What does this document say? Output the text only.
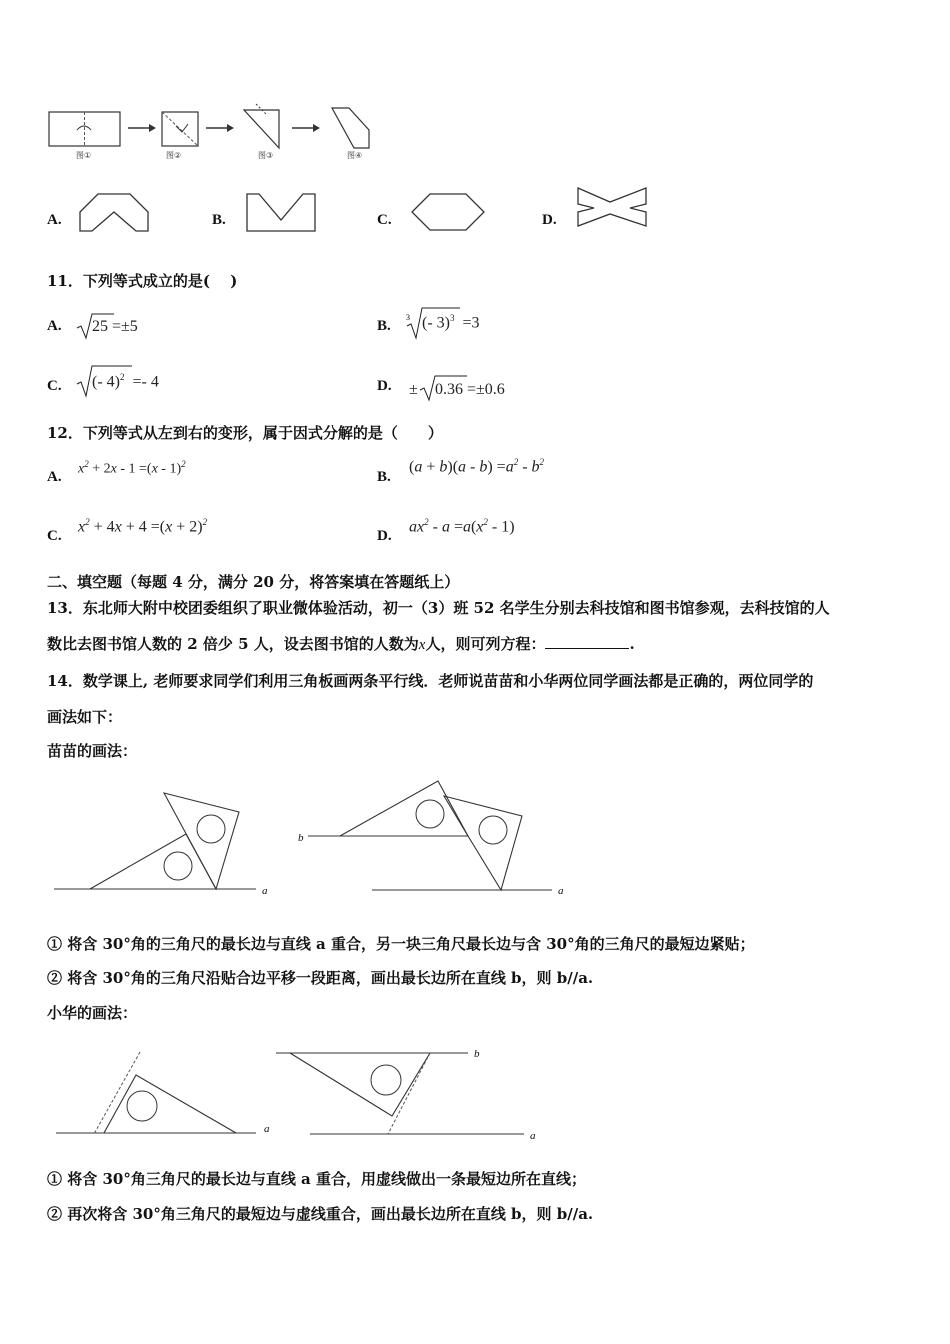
图①	图②	图③	图④
A.	B.	C.	D.
11．下列等式成立的是(　 )
A. 25 =±5	B.
3 (- 3)$^3$ =3
C. (- 4)$^2$ =- 4	D. ± 0.36 =±0.6
12．下列等式从左到右的变形，属于因式分解的是（　　）
A. $x^2 + 2x - 1 =(x - 1)^2$
B.
$(a + b)(a - b) =a^2 - b^2$
C.
$x^2 + 4x + 4 =(x + 2)^2$
D.
$ax^2 - a =a(x^2 - 1)$
二、填空题（每题 4 分，满分 20 分，将答案填在答题纸上）
13．东北师大附中校团委组织了职业微体验活动，初一（3）班 52 名学生分别去科技馆和图书馆参观，去科技馆的人
数比去图书馆人数的 2 倍少 5 人，设去图书馆的人数为x人，则可列方程：	.
14．数学课上, 老师要求同学们利用三角板画两条平行线．老师说苗苗和小华两位同学画法都是正确的，两位同学的
画法如下：
苗苗的画法：
a
b
a
① 将含 30°角的三角尺的最长边与直线 a 重合，另一块三角尺最长边与含 30°角的三角尺的最短边紧贴；
② 将含 30°角的三角尺沿贴合边平移一段距离，画出最长边所在直线 b，则 b//a.
小华的画法：
a
b
a
① 将含 30°角三角尺的最长边与直线 a 重合，用虚线做出一条最短边所在直线；
② 再次将含 30°角三角尺的最短边与虚线重合，画出最长边所在直线 b，则 b//a.
